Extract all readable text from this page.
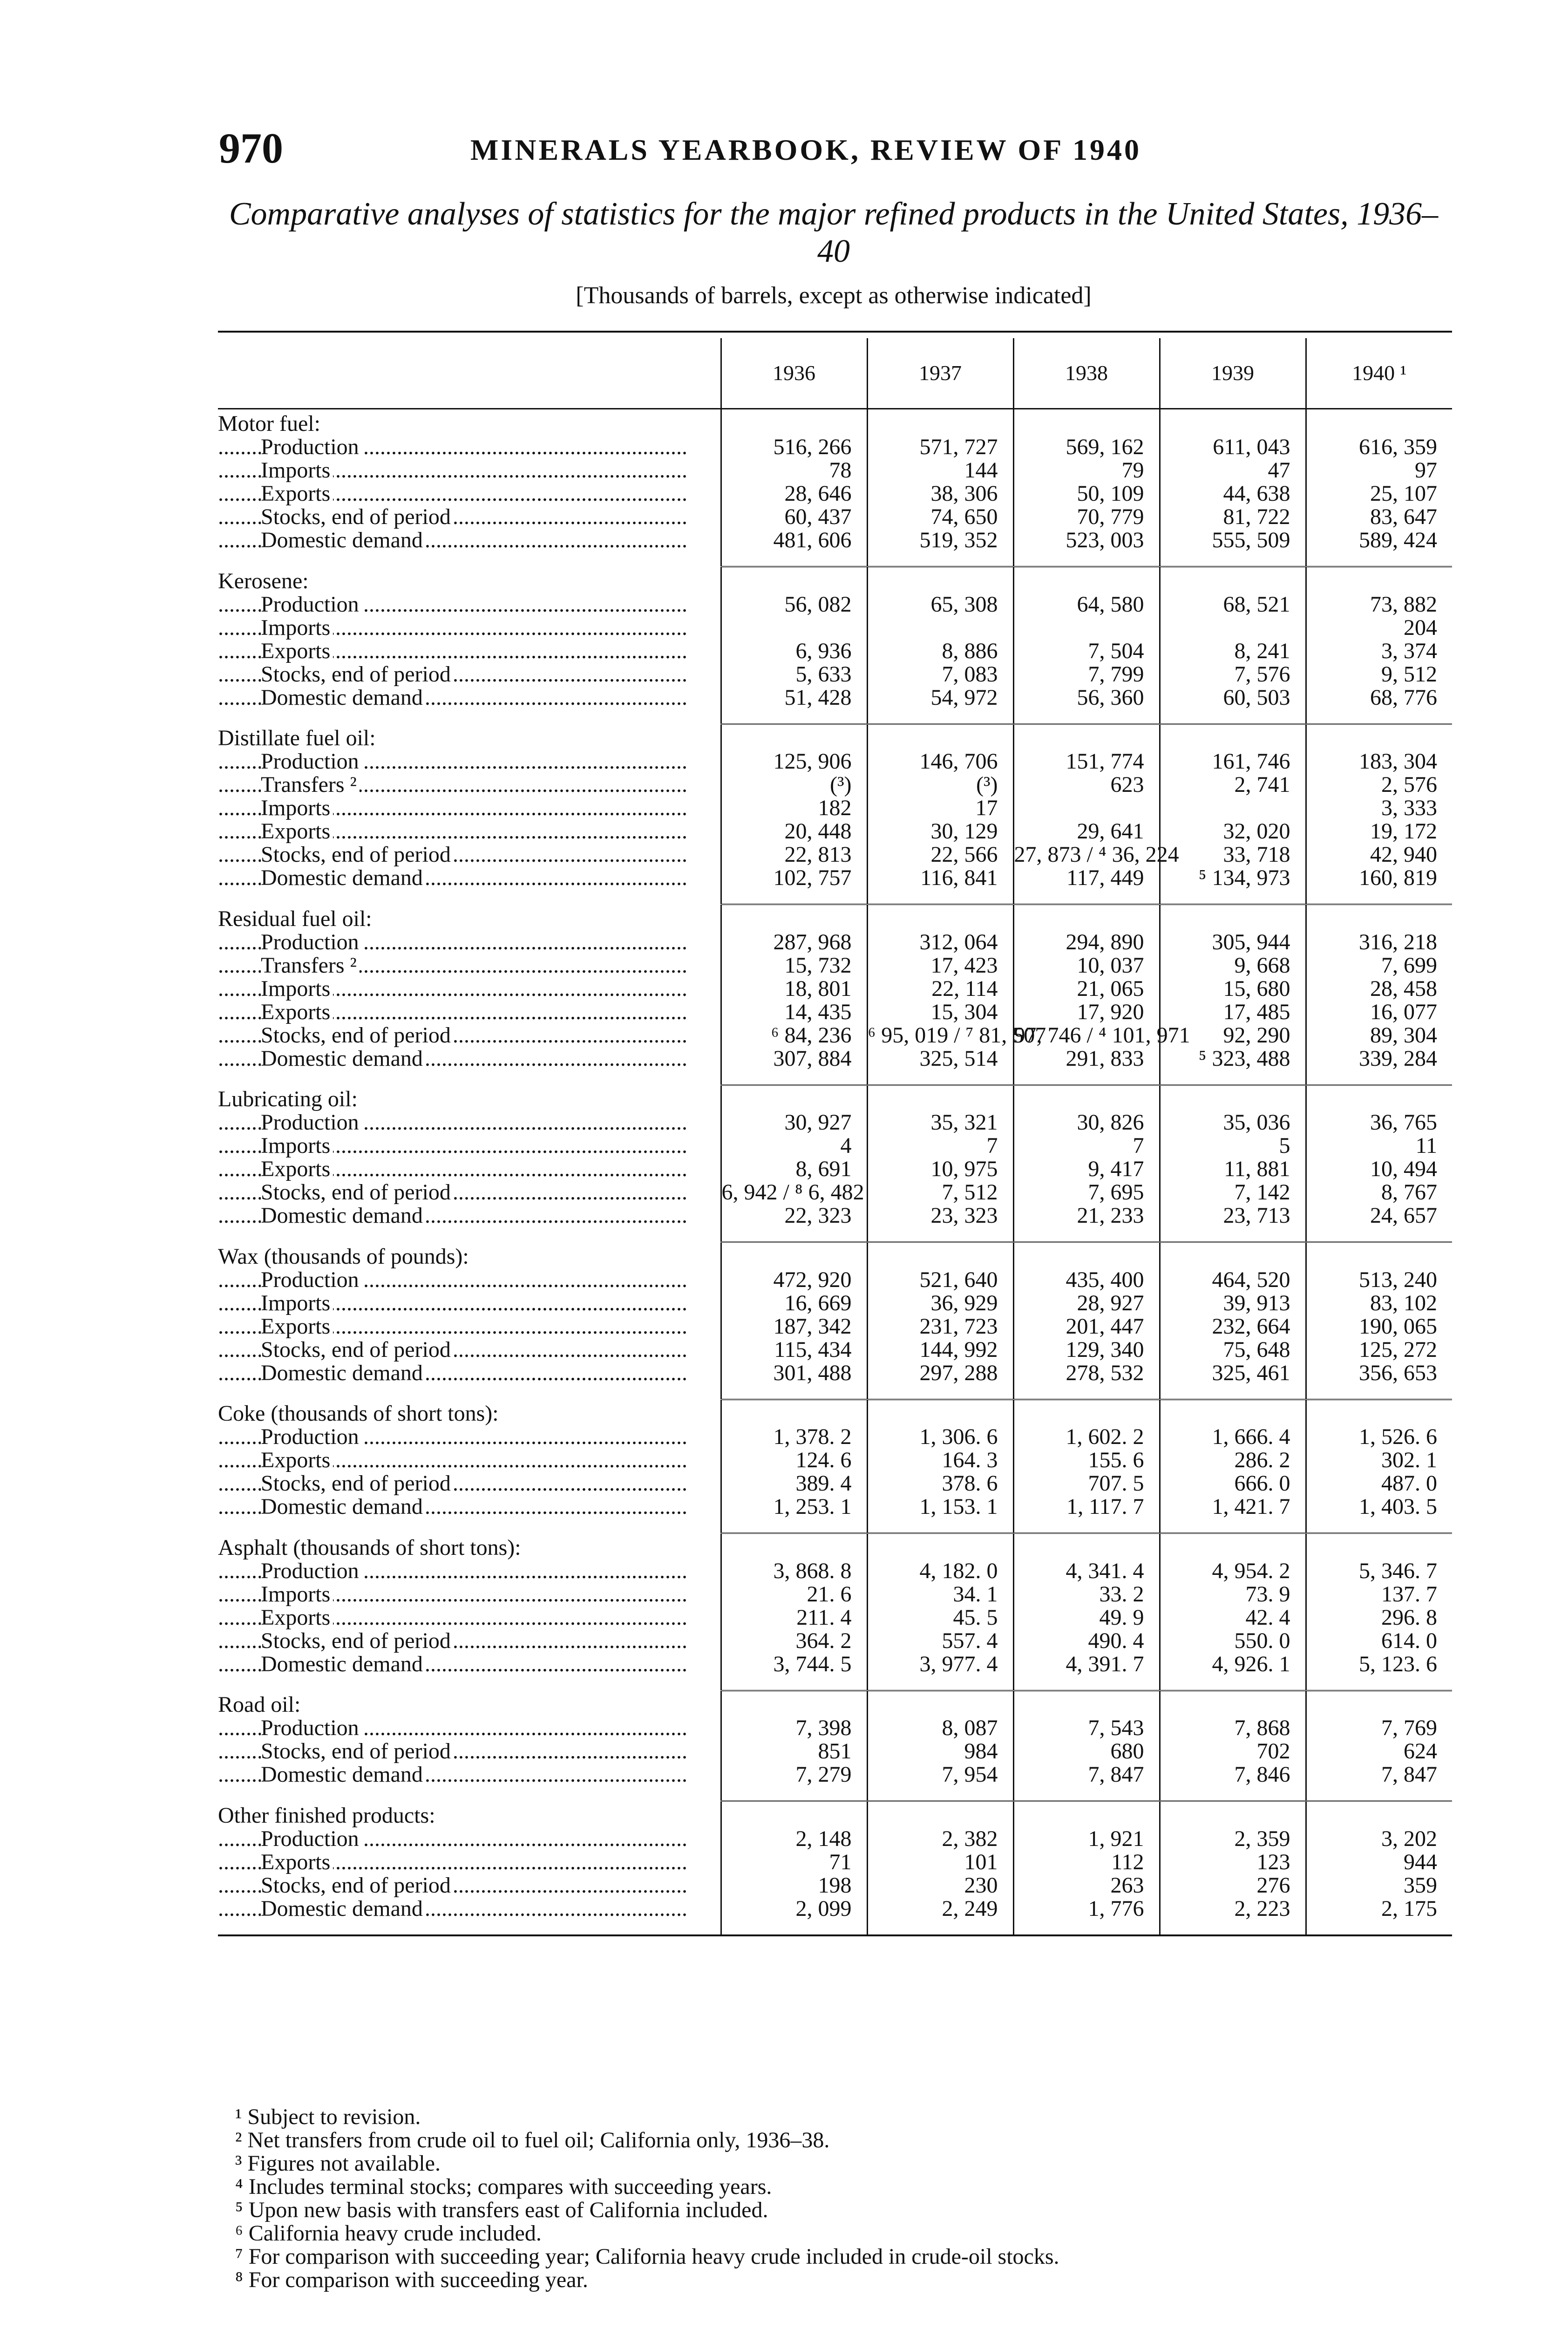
970	MINERALS YEARBOOK, REVIEW OF 1940
Comparative analyses of statistics for the major refined products in the United States, 1936–40
[Thousands of barrels, except as otherwise indicated]

	1936	1937	1938	1939	1940 ¹
Motor fuel:					

. . .
Production	516, 266	571, 727	569, 162	611, 043	616, 359

. . .
Imports	78	144	79	47	97

. . .
Exports	28, 646	38, 306	50, 109	44, 638	25, 107

. . .
Stocks, end of period	60, 437	74, 650	70, 779	81, 722	83, 647

. . .
Domestic demand	481, 606	519, 352	523, 003	555, 509	589, 424

Kerosene:					

. . .
Production	56, 082	65, 308	64, 580	68, 521	73, 882

. . .
Imports					204

. . .
Exports	6, 936	8, 886	7, 504	8, 241	3, 374

. . .
Stocks, end of period	5, 633	7, 083	7, 799	7, 576	9, 512

. . .
Domestic demand	51, 428	54, 972	56, 360	60, 503	68, 776

Distillate fuel oil:					

. . .
Production	125, 906	146, 706	151, 774	161, 746	183, 304

. . .
Transfers ²	(³)	(³)	623	2, 741	2, 576

. . .
Imports	182	17			3, 333

. . .
Exports	20, 448	30, 129	29, 641	32, 020	19, 172

. . .
Stocks, end of period	22, 813	22, 566	27, 873 / ⁴ 36, 224	33, 718	42, 940

. . .
Domestic demand	102, 757	116, 841	117, 449	⁵ 134, 973	160, 819

Residual fuel oil:					

. . .
Production	287, 968	312, 064	294, 890	305, 944	316, 218

. . .
Transfers ²	15, 732	17, 423	10, 037	9, 668	7, 699

. . .
Imports	18, 801	22, 114	21, 065	15, 680	28, 458

. . .
Exports	14, 435	15, 304	17, 920	17, 485	16, 077

. . .
Stocks, end of period	⁶ 84, 236	⁶ 95, 019 / ⁷ 81, 507	97, 746 / ⁴ 101, 971	92, 290	89, 304

. . .
Domestic demand	307, 884	325, 514	291, 833	⁵ 323, 488	339, 284

Lubricating oil:					

. . .
Production	30, 927	35, 321	30, 826	35, 036	36, 765

. . .
Imports	4	7	7	5	11

. . .
Exports	8, 691	10, 975	9, 417	11, 881	10, 494

. . .
Stocks, end of period	6, 942 / ⁸ 6, 482	7, 512	7, 695	7, 142	8, 767

. . .
Domestic demand	22, 323	23, 323	21, 233	23, 713	24, 657

Wax (thousands of pounds):					

. . .
Production	472, 920	521, 640	435, 400	464, 520	513, 240

. . .
Imports	16, 669	36, 929	28, 927	39, 913	83, 102

. . .
Exports	187, 342	231, 723	201, 447	232, 664	190, 065

. . .
Stocks, end of period	115, 434	144, 992	129, 340	75, 648	125, 272

. . .
Domestic demand	301, 488	297, 288	278, 532	325, 461	356, 653

Coke (thousands of short tons):					

. . .
Production	1, 378. 2	1, 306. 6	1, 602. 2	1, 666. 4	1, 526. 6

. . .
Exports	124. 6	164. 3	155. 6	286. 2	302. 1

. . .
Stocks, end of period	389. 4	378. 6	707. 5	666. 0	487. 0

. . .
Domestic demand	1, 253. 1	1, 153. 1	1, 117. 7	1, 421. 7	1, 403. 5

Asphalt (thousands of short tons):					

. . .
Production	3, 868. 8	4, 182. 0	4, 341. 4	4, 954. 2	5, 346. 7

. . .
Imports	21. 6	34. 1	33. 2	73. 9	137. 7

. . .
Exports	211. 4	45. 5	49. 9	42. 4	296. 8

. . .
Stocks, end of period	364. 2	557. 4	490. 4	550. 0	614. 0

. . .
Domestic demand	3, 744. 5	3, 977. 4	4, 391. 7	4, 926. 1	5, 123. 6

Road oil:					

. . .
Production	7, 398	8, 087	7, 543	7, 868	7, 769

. . .
Stocks, end of period	851	984	680	702	624

. . .
Domestic demand	7, 279	7, 954	7, 847	7, 846	7, 847

Other finished products:					

. . .
Production	2, 148	2, 382	1, 921	2, 359	3, 202

. . .
Exports	71	101	112	123	944

. . .
Stocks, end of period	198	230	263	276	359

. . .
Domestic demand	2, 099	2, 249	1, 776	2, 223	2, 175

¹ Subject to revision.
² Net transfers from crude oil to fuel oil; California only, 1936–38.
³ Figures not available.
⁴ Includes terminal stocks; compares with succeeding years.
⁵ Upon new basis with transfers east of California included.
⁶ California heavy crude included.
⁷ For comparison with succeeding year; California heavy crude included in crude-oil stocks.
⁸ For comparison with succeeding year.
